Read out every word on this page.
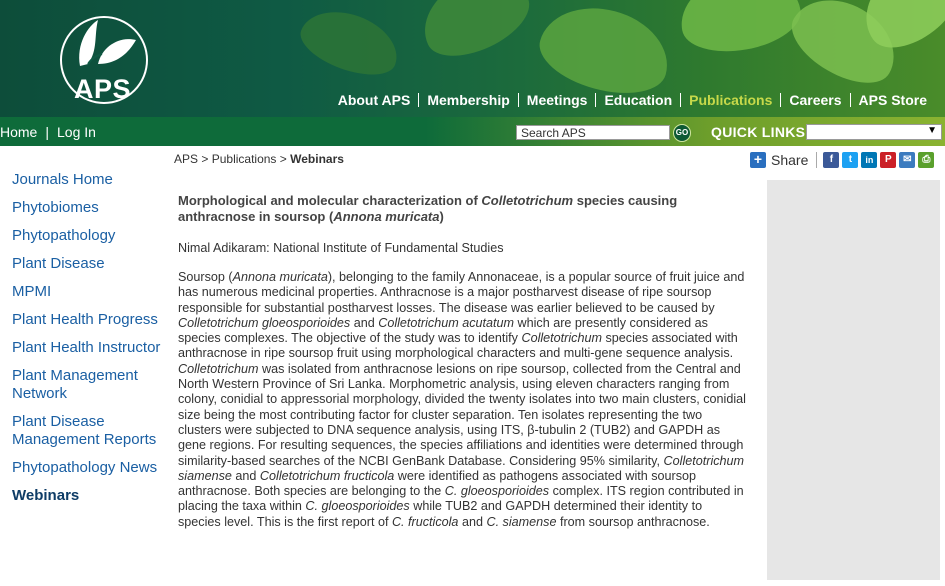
APS	About APS	Membership	Meetings	Education	Publications	Careers	APS Store
Home | Log In
Search APS	GO QUICK LINKS	▼
APS > Publications > Webinars	+ Share	f	t	in	P	✉	⎙
Journals Home
Phytobiomes
Phytopathology
Plant Disease
MPMI
Plant Health Progress
Plant Health Instructor
Plant Management Network
Plant Disease Management Reports
Phytopathology News
Webinars
Morphological and molecular characterization of Colletotrichum species causing anthracnose in soursop (Annona muricata)

Nimal Adikaram: National Institute of Fundamental Studies

Soursop (Annona muricata), belonging to the family Annonaceae, is a popular source of fruit juice and has numerous medicinal properties. Anthracnose is a major postharvest disease of ripe soursop responsible for substantial postharvest losses. The disease was earlier believed to be caused by Colletotrichum gloeosporioides and Colletotrichum acutatum which are presently considered as species complexes. The objective of the study was to identify Colletotrichum species associated with anthracnose in ripe soursop fruit using morphological characters and multi-gene sequence analysis. Colletotrichum was isolated from anthracnose lesions on ripe soursop, collected from the Central and North Western Province of Sri Lanka. Morphometric analysis, using eleven characters ranging from colony, conidial to appressorial morphology, divided the twenty isolates into two main clusters, conidial size being the most contributing factor for cluster separation. Ten isolates representing the two clusters were subjected to DNA sequence analysis, using ITS, β-tubulin 2 (TUB2) and GAPDH as gene regions. For resulting sequences, the species affiliations and identities were determined through similarity-based searches of the NCBI GenBank Database. Considering 95% similarity, Colletotrichum siamense and Colletotrichum fructicola were identified as pathogens associated with soursop anthracnose. Both species are belonging to the C. gloeosporioides complex. ITS region contributed in placing the taxa within C. gloeosporioides while TUB2 and GAPDH determined their identity to species level. This is the first report of C. fructicola and C. siamense from soursop anthracnose.
